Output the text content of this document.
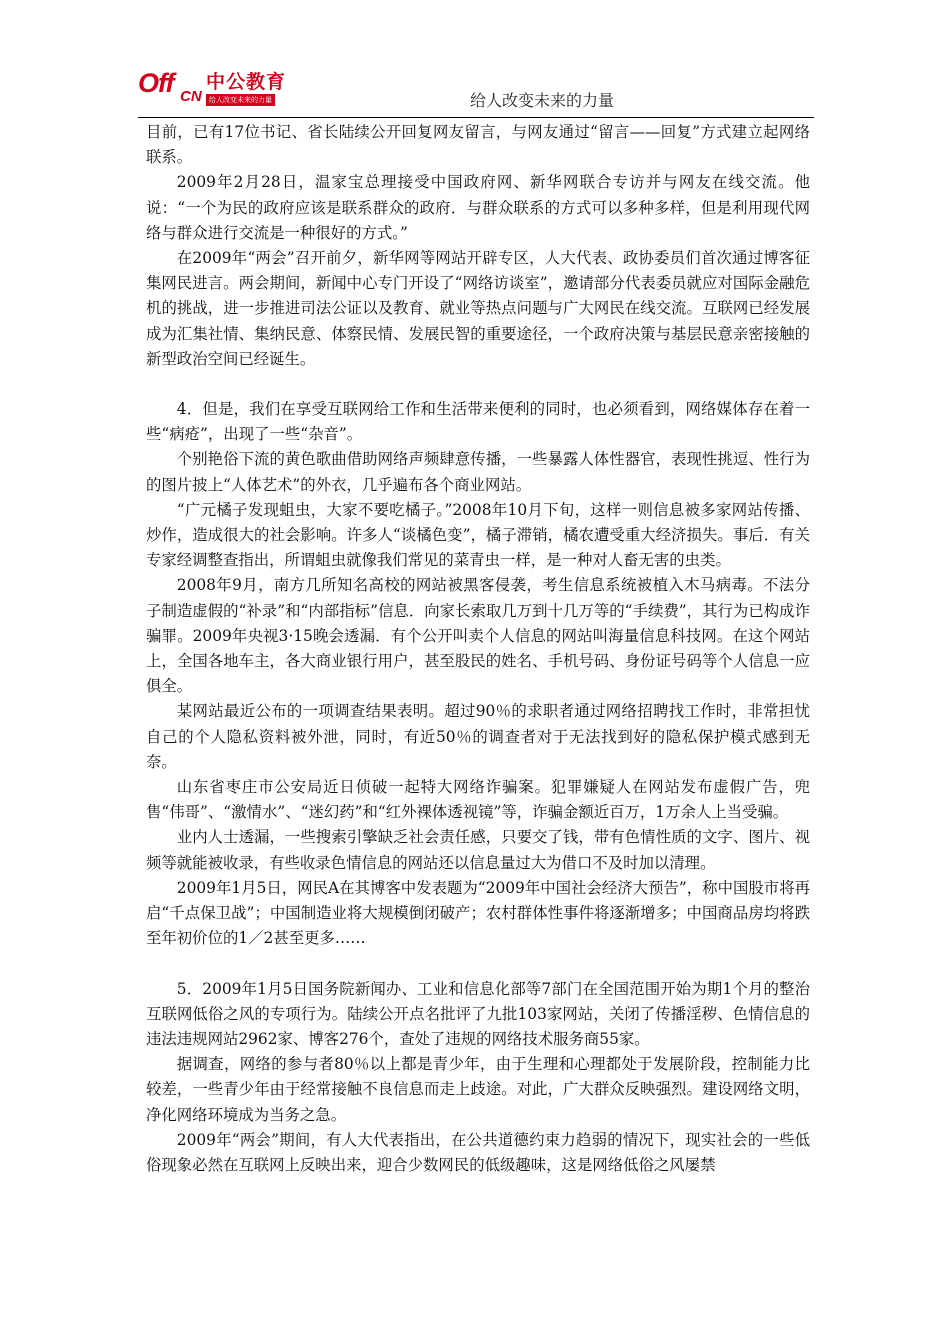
Off CN
中公教育
给人改变未来的力量	给人改变未来的力量

目前，已有17位书记、省长陆续公开回复网友留言，与网友通过“留言——回复”方式建立起网络联系。

2009年2月28日，温家宝总理接受中国政府网、新华网联合专访并与网友在线交流。他说：“一个为民的政府应该是联系群众的政府．与群众联系的方式可以多种多样，但是利用现代网络与群众进行交流是一种很好的方式。”

在2009年“两会”召开前夕，新华网等网站开辟专区，人大代表、政协委员们首次通过博客征集网民进言。两会期间，新闻中心专门开设了“网络访谈室”，邀请部分代表委员就应对国际金融危机的挑战，进一步推进司法公证以及教育、就业等热点问题与广大网民在线交流。互联网已经发展成为汇集社情、集纳民意、体察民情、发展民智的重要途径，一个政府决策与基层民意亲密接触的新型政治空间已经诞生。

4．但是，我们在享受互联网给工作和生活带来便利的同时，也必须看到，网络媒体存在着一些“病疮”，出现了一些“杂音”。

个别艳俗下流的黄色歌曲借助网络声频肆意传播，一些暴露人体性器官，表现性挑逗、性行为的图片披上“人体艺术”的外衣，几乎遍布各个商业网站。

“广元橘子发现蛆虫，大家不要吃橘子。”2008年10月下旬，这样一则信息被多家网站传播、炒作，造成很大的社会影响。许多人“谈橘色变”，橘子滞销，橘农遭受重大经济损失。事后．有关专家经调整查指出，所谓蛆虫就像我们常见的菜青虫一样，是一种对人畜无害的虫类。

2008年9月，南方几所知名高校的网站被黑客侵袭，考生信息系统被植入木马病毒。不法分子制造虚假的“补录”和“内部指标”信息．向家长索取几万到十几万等的“手续费”，其行为已构成诈骗罪。2009年央视3·15晚会透漏．有个公开叫卖个人信息的网站叫海量信息科技网。在这个网站上，全国各地车主，各大商业银行用户，甚至股民的姓名、手机号码、身份证号码等个人信息一应俱全。

某网站最近公布的一项调查结果表明。超过90％的求职者通过网络招聘找工作时，非常担忧自己的个人隐私资料被外泄，同时，有近50％的调查者对于无法找到好的隐私保护模式感到无奈。

山东省枣庄市公安局近日侦破一起特大网络诈骗案。犯罪嫌疑人在网站发布虚假广告，兜售“伟哥”、“激情水”、“迷幻药”和“红外裸体透视镜”等，诈骗金额近百万，1万余人上当受骗。

业内人士透漏，一些搜索引擎缺乏社会责任感，只要交了钱，带有色情性质的文字、图片、视频等就能被收录，有些收录色情信息的网站还以信息量过大为借口不及时加以清理。

2009年1月5日，网民A在其博客中发表题为“2009年中国社会经济大预告”，称中国股市将再启“千点保卫战”；中国制造业将大规模倒闭破产；农村群体性事件将逐渐增多；中国商品房均将跌至年初价位的1／2甚至更多……

5．2009年1月5日国务院新闻办、工业和信息化部等7部门在全国范围开始为期1个月的整治互联网低俗之风的专项行为。陆续公开点名批评了九批103家网站，关闭了传播淫秽、色情信息的违法违规网站2962家、博客276个，查处了违规的网络技术服务商55家。

据调查，网络的参与者80％以上都是青少年，由于生理和心理都处于发展阶段，控制能力比较差，一些青少年由于经常接触不良信息而走上歧途。对此，广大群众反映强烈。建设网络文明，净化网络环境成为当务之急。

2009年“两会”期间，有人大代表指出，在公共道德约束力趋弱的情况下，现实社会的一些低俗现象必然在互联网上反映出来，迎合少数网民的低级趣味，这是网络低俗之风屡禁
